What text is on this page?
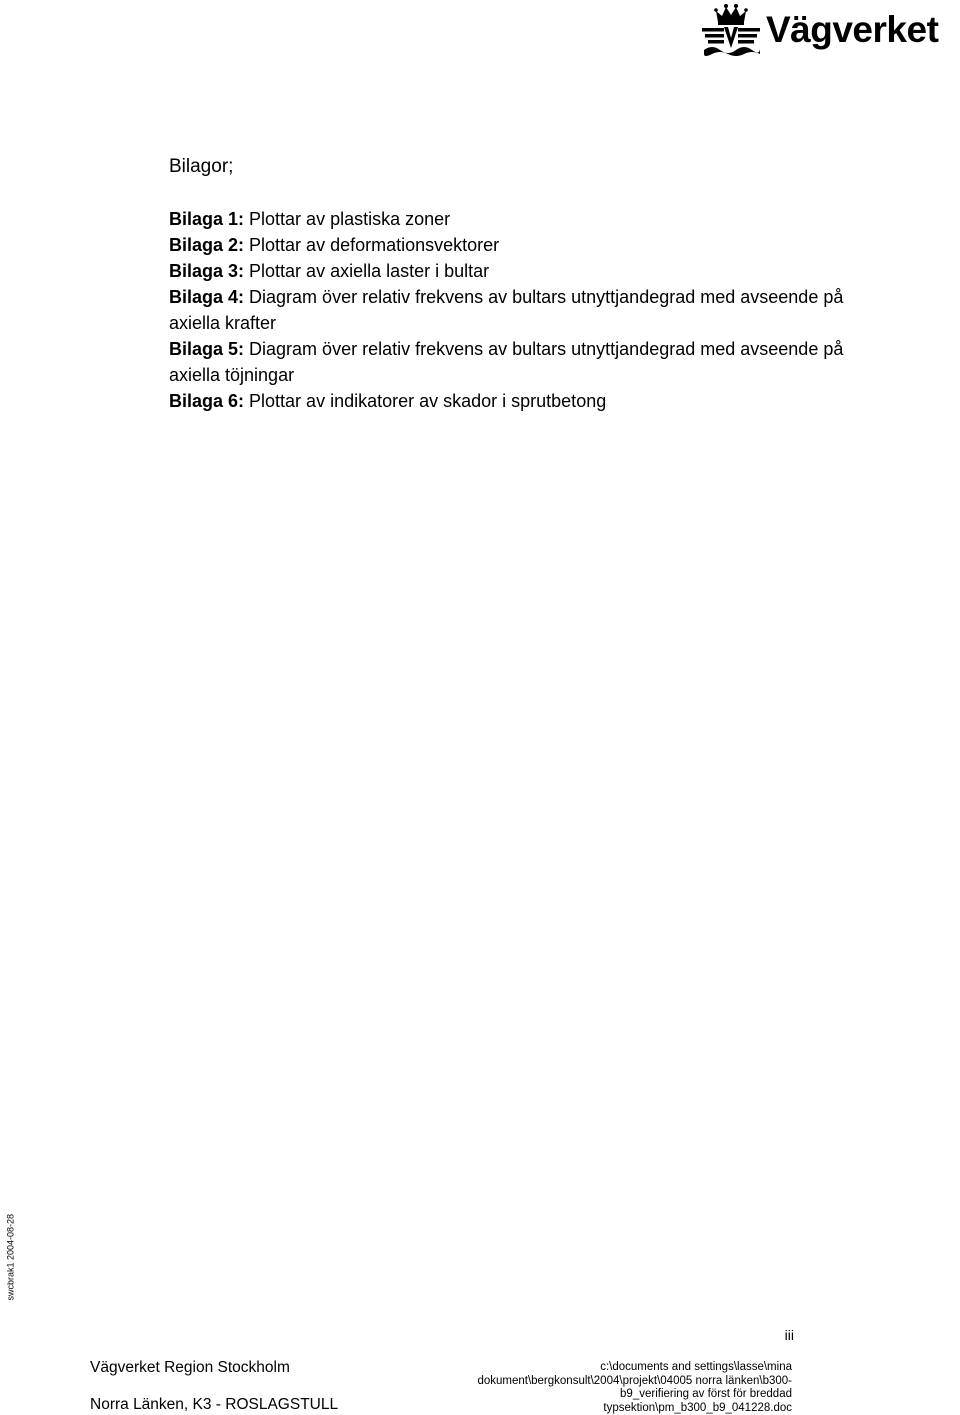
Vägverket
Bilagor;
Bilaga 1: Plottar av plastiska zoner
Bilaga 2: Plottar av deformationsvektorer
Bilaga 3: Plottar av axiella laster i bultar
Bilaga 4: Diagram över relativ frekvens av bultars utnyttjandegrad med avseende på axiella krafter
Bilaga 5: Diagram över relativ frekvens av bultars utnyttjandegrad med avseende på axiella töjningar
Bilaga 6: Plottar av indikatorer av skador i sprutbetong
swcbrak1 2004-08-28
iii
Vägverket Region Stockholm
Norra Länken, K3 - ROSLAGSTULL
c:\documents and settings\lasse\mina
dokument\bergkonsult\2004\projekt\04005 norra länken\b300-
b9_verifiering av först för breddad
typsektion\pm_b300_b9_041228.doc
